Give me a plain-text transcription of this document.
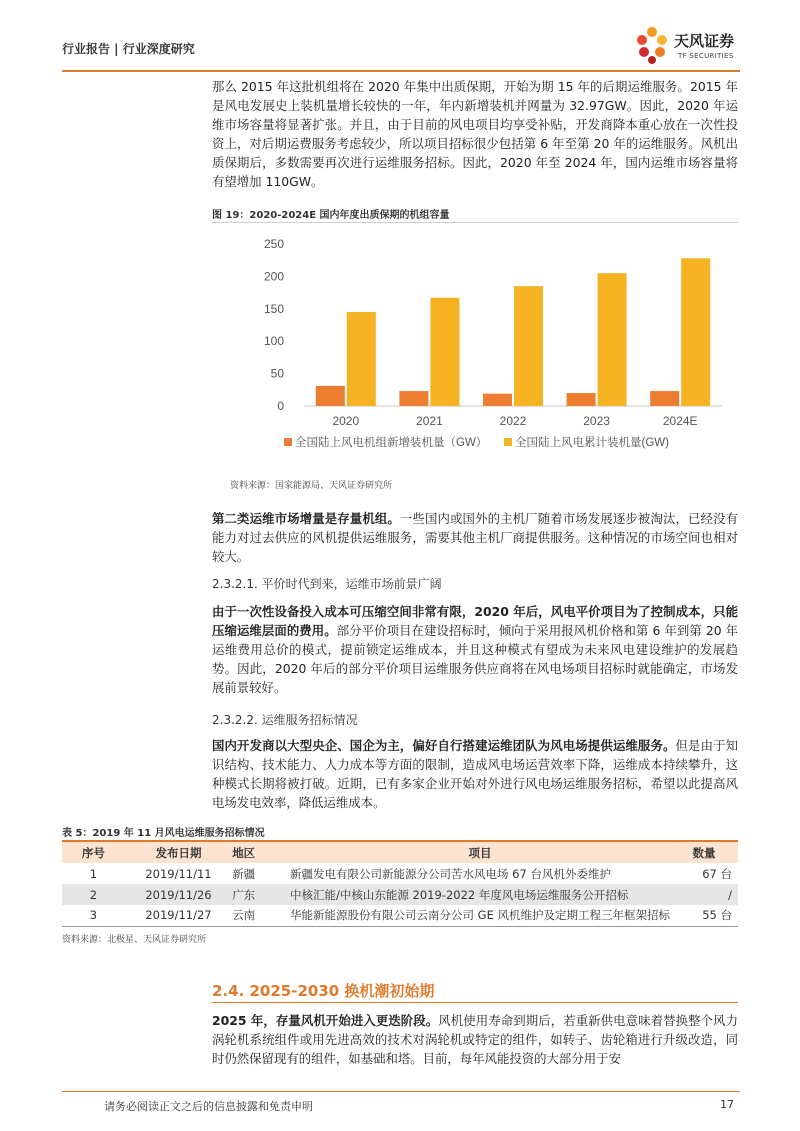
行业报告 | 行业深度研究	天风证券
TF SECURITIES

那么 2015 年这批机组将在 2020 年集中出质保期，开始为期 15 年的后期运维服务。2015 年是风电发展史上装机量增长较快的一年，年内新增装机并网量为 32.97GW。因此，2020 年运维市场容量将显著扩张。并且，由于目前的风电项目均享受补贴，开发商降本重心放在一次性投资上，对后期运费服务考虑较少，所以项目招标很少包括第 6 年至第 20 年的运维服务。风机出质保期后，多数需要再次进行运维服务招标。因此，2020 年至 2024 年，国内运维市场容量将有望增加 110GW。

图 19：2020-2024E 国内年度出质保期的机组容量
0
50
100
150
200
250
2020	2021	2022	2023	2024E
全国陆上风电机组新增装机量（GW） 全国陆上风电累计装机量(GW)
资料来源：国家能源局、天风证券研究所

第二类运维市场增量是存量机组。一些国内或国外的主机厂随着市场发展逐步被淘汰，已经没有能力对过去供应的风机提供运维服务，需要其他主机厂商提供服务。这种情况的市场空间也相对较大。

2.3.2.1. 平价时代到来，运维市场前景广阔

由于一次性设备投入成本可压缩空间非常有限，2020 年后，风电平价项目为了控制成本，只能压缩运维层面的费用。部分平价项目在建设招标时，倾向于采用报风机价格和第 6 年到第 20 年运维费用总价的模式，提前锁定运维成本，并且这种模式有望成为未来风电建设维护的发展趋势。因此，2020 年后的部分平价项目运维服务供应商将在风电场项目招标时就能确定，市场发展前景较好。

2.3.2.2. 运维服务招标情况

国内开发商以大型央企、国企为主，偏好自行搭建运维团队为风电场提供运维服务。但是由于知识结构、技术能力、人力成本等方面的限制，造成风电场运营效率下降，运维成本持续攀升，这种模式长期将被打破。近期，已有多家企业开始对外进行风电场运维服务招标，希望以此提高风电场发电效率，降低运维成本。

表 5：2019 年 11 月风电运维服务招标情况
序号	发布日期	地区	项目	数量
1	2019/11/11	新疆	新疆发电有限公司新能源分公司苦水风电场 67 台风机外委维护	67 台
2	2019/11/26	广东	中核汇能/中核山东能源 2019-2022 年度风电场运维服务公开招标	/
3	2019/11/27	云南	华能新能源股份有限公司云南分公司 GE 风机维护及定期工程三年框架招标	55 台
资料来源：北极星、天风证券研究所
2.4. 2025-2030 换机潮初始期

2025 年，存量风机开始进入更迭阶段。风机使用寿命到期后，若重新供电意味着替换整个风力涡轮机系统组件或用先进高效的技术对涡轮机或特定的组件，如转子、齿轮箱进行升级改造，同时仍然保留现有的组件，如基础和塔。目前，每年风能投资的大部分用于安

请务必阅读正文之后的信息披露和免责申明	17
